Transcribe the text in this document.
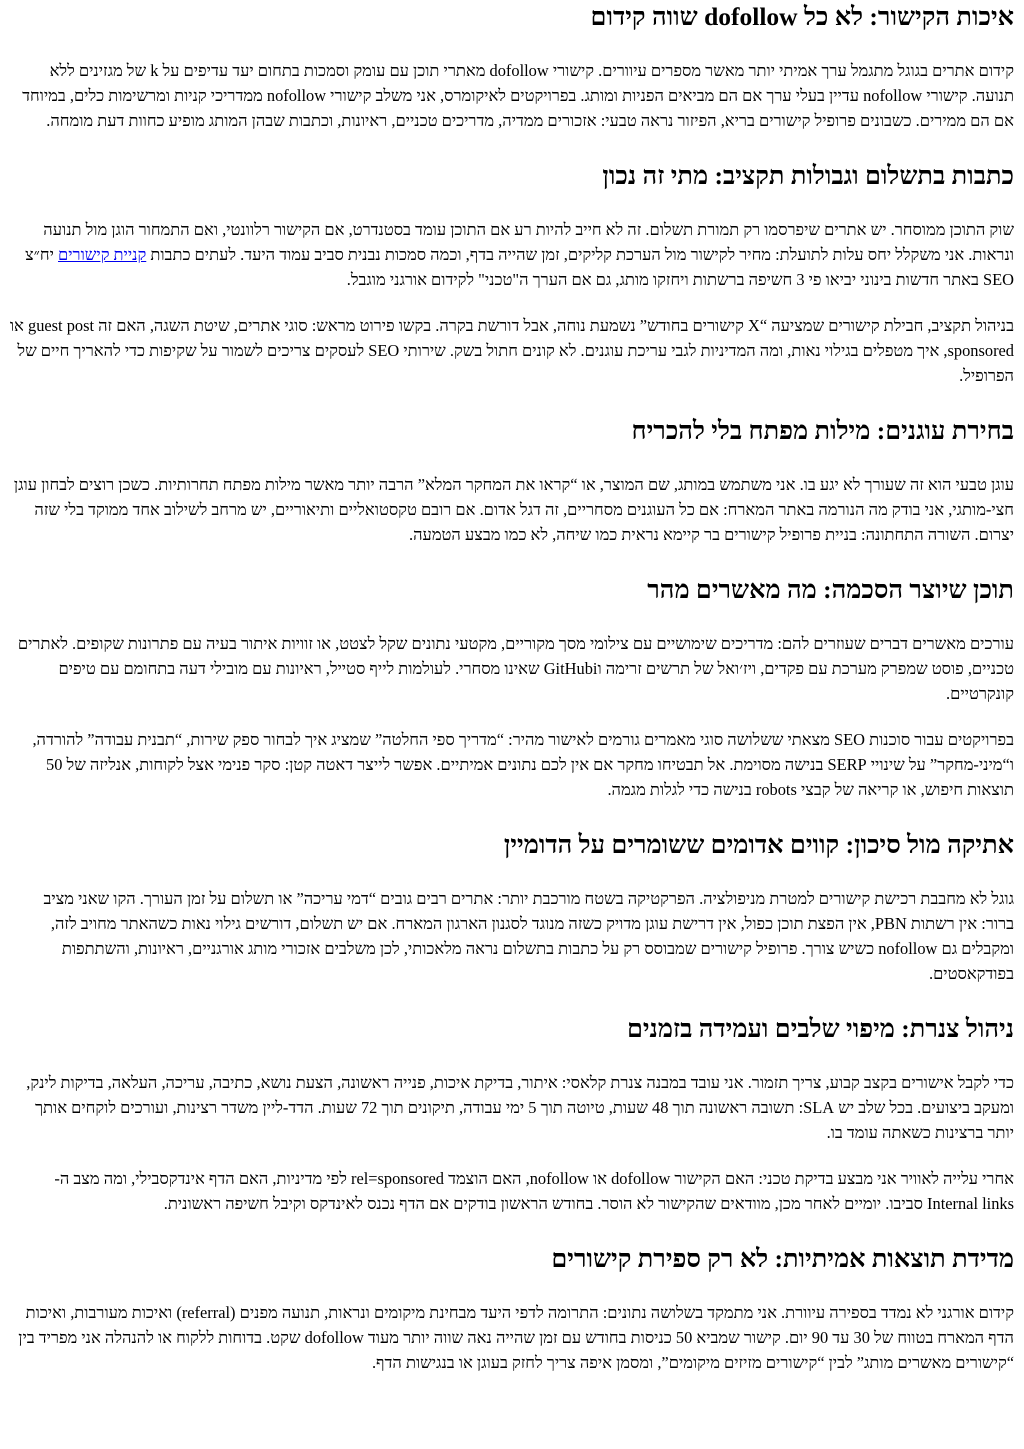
איכות הקישור: לא כל dofollow שווה קידום

קידום אתרים בגוגל מתגמל ערך אמיתי יותר מאשר מספרים עיוורים. קישורי dofollow מאתרי תוכן עם עומק וסמכות בתחום יעד עדיפים על k של מגזינים ללא תנועה. קישורי nofollow עדיין בעלי ערך אם הם מביאים הפניות ומותג. בפרויקטים לאיקומרס, אני משלב קישורי nofollow ממדריכי קניות ומרשימות כלים, במיוחד אם הם ממירים. כשבונים פרופיל קישורים בריא, הפיזור נראה טבעי: אזכורים ממדיה, מדריכים טכניים, ראיונות, וכתבות שבהן המותג מופיע כחוות דעת מומחה.

כתבות בתשלום וגבולות תקציב: מתי זה נכון

שוק התוכן ממוסחר. יש אתרים שיפרסמו רק תמורת תשלום. זה לא חייב להיות רע אם התוכן עומד בסטנדרט, אם הקישור רלוונטי, ואם התמחור הוגן מול תנועה ונראות. אני משקלל יחס עלות לתועלת: מחיר לקישור מול הערכת קליקים, זמן שהייה בדף, וכמה סמכות נבנית סביב עמוד היעד. לעתים כתבות קניית קישורים יח״צ SEO באתר חדשות בינוני יביאו פי 3 חשיפה ברשתות ויחזקו מותג, גם אם הערך ה"טכני" לקידום אורגני מוגבל.

בניהול תקציב, חבילת קישורים שמציעה “X קישורים בחודש” נשמעת נוחה, אבל דורשת בקרה. בקשו פירוט מראש: סוגי אתרים, שיטת השגה, האם זה guest post או sponsored, איך מטפלים בגילוי נאות, ומה המדיניות לגבי עריכת עוגנים. לא קונים חתול בשק. שירותי SEO לעסקים צריכים לשמור על שקיפות כדי להאריך חיים של הפרופיל.

בחירת עוגנים: מילות מפתח בלי להכריח

עוגן טבעי הוא זה שעורך לא יגע בו. אני משתמש במותג, שם המוצר, או “קראו את המחקר המלא” הרבה יותר מאשר מילות מפתח תחרותיות. כשכן רוצים לבחון עוגן חצי-מותגי, אני בודק מה הנורמה באתר המארח: אם כל העוגנים מסחריים, זה דגל אדום. אם רובם טקסטואליים ותיאוריים, יש מרחב לשילוב אחד ממוקד בלי שזה יצרום. השורה התחתונה: בניית פרופיל קישורים בר קיימא נראית כמו שיחה, לא כמו מבצע הטמעה.

תוכן שיוצר הסכמה: מה מאשרים מהר

עורכים מאשרים דברים שעוזרים להם: מדריכים שימושיים עם צילומי מסך מקוריים, מקטעי נתונים שקל לצטט, או זוויות איתור בעיה עם פתרונות שקופים. לאתרים טכניים, פוסט שמפרק מערכת עם פקדים, ויז׳ואל של תרשים זרימה וGitHubi שאינו מסחרי. לעולמות לייף סטייל, ראיונות עם מובילי דעה בתחומם עם טיפים קונקרטיים.

בפרויקטים עבור סוכנות SEO מצאתי ששלושה סוגי מאמרים גורמים לאישור מהיר: “מדריך ספי החלטה” שמציג איך לבחור ספק שירות, “תבנית עבודה” להורדה, ו“מיני-מחקר” על שינויי SERP בנישה מסוימת. אל תבטיחו מחקר אם אין לכם נתונים אמיתיים. אפשר לייצר דאטה קטן: סקר פנימי אצל לקוחות, אנליזה של 50 תוצאות חיפוש, או קריאה של קבצי robots בנישה כדי לגלות מגמה.

אתיקה מול סיכון: קווים אדומים ששומרים על הדומיין

גוגל לא מחבבת רכישת קישורים למטרת מניפולציה. הפרקטיקה בשטח מורכבת יותר: אתרים רבים גובים “דמי עריכה” או תשלום על זמן העורך. הקו שאני מציב ברור: אין רשתות PBN, אין הפצת תוכן כפול, אין דרישת עוגן מדויק כשזה מנוגד לסגנון הארגון המארח. אם יש תשלום, דורשים גילוי נאות כשהאתר מחויב לזה, ומקבלים גם nofollow כשיש צורך. פרופיל קישורים שמבוסס רק על כתבות בתשלום נראה מלאכותי, לכן משלבים אזכורי מותג אורגניים, ראיונות, והשתתפות בפודקאסטים.

ניהול צנרת: מיפוי שלבים ועמידה בזמנים

כדי לקבל אישורים בקצב קבוע, צריך תזמור. אני עובד במבנה צנרת קלאסי: איתור, בדיקת איכות, פנייה ראשונה, הצעת נושא, כתיבה, עריכה, העלאה, בדיקות לינק, ומעקב ביצועים. בכל שלב יש SLA: תשובה ראשונה תוך 48 שעות, טיוטה תוך 5 ימי עבודה, תיקונים תוך 72 שעות. הדד-ליין משדר רצינות, ועורכים לוקחים אותך יותר ברצינות כשאתה עומד בו.

אחרי עלייה לאוויר אני מבצע בדיקת טכני: האם הקישור dofollow או nofollow, האם הוצמד rel=sponsored לפי מדיניות, האם הדף אינדקסבילי, ומה מצב ה-Internal links סביבו. יומיים לאחר מכן, מוודאים שהקישור לא הוסר. בחודש הראשון בודקים אם הדף נכנס לאינדקס וקיבל חשיפה ראשונית.

מדידת תוצאות אמיתיות: לא רק ספירת קישורים

קידום אורגני לא נמדד בספירה עיוורת. אני מתמקד בשלושה נתונים: התרומה לדפי היעד מבחינת מיקומים ונראות, תנועה מפנים (referral) ואיכות מעורבות, ואיכות הדף המארח בטווח של 30 עד 90 יום. קישור שמביא 50 כניסות בחודש עם זמן שהייה נאה שווה יותר מעוד dofollow שקט. בדוחות ללקוח או להנהלה אני מפריד בין “קישורים מאשרים מותג” לבין “קישורים מזיזים מיקומים”, ומסמן איפה צריך לחזק בעוגן או בנגישות הדף.
